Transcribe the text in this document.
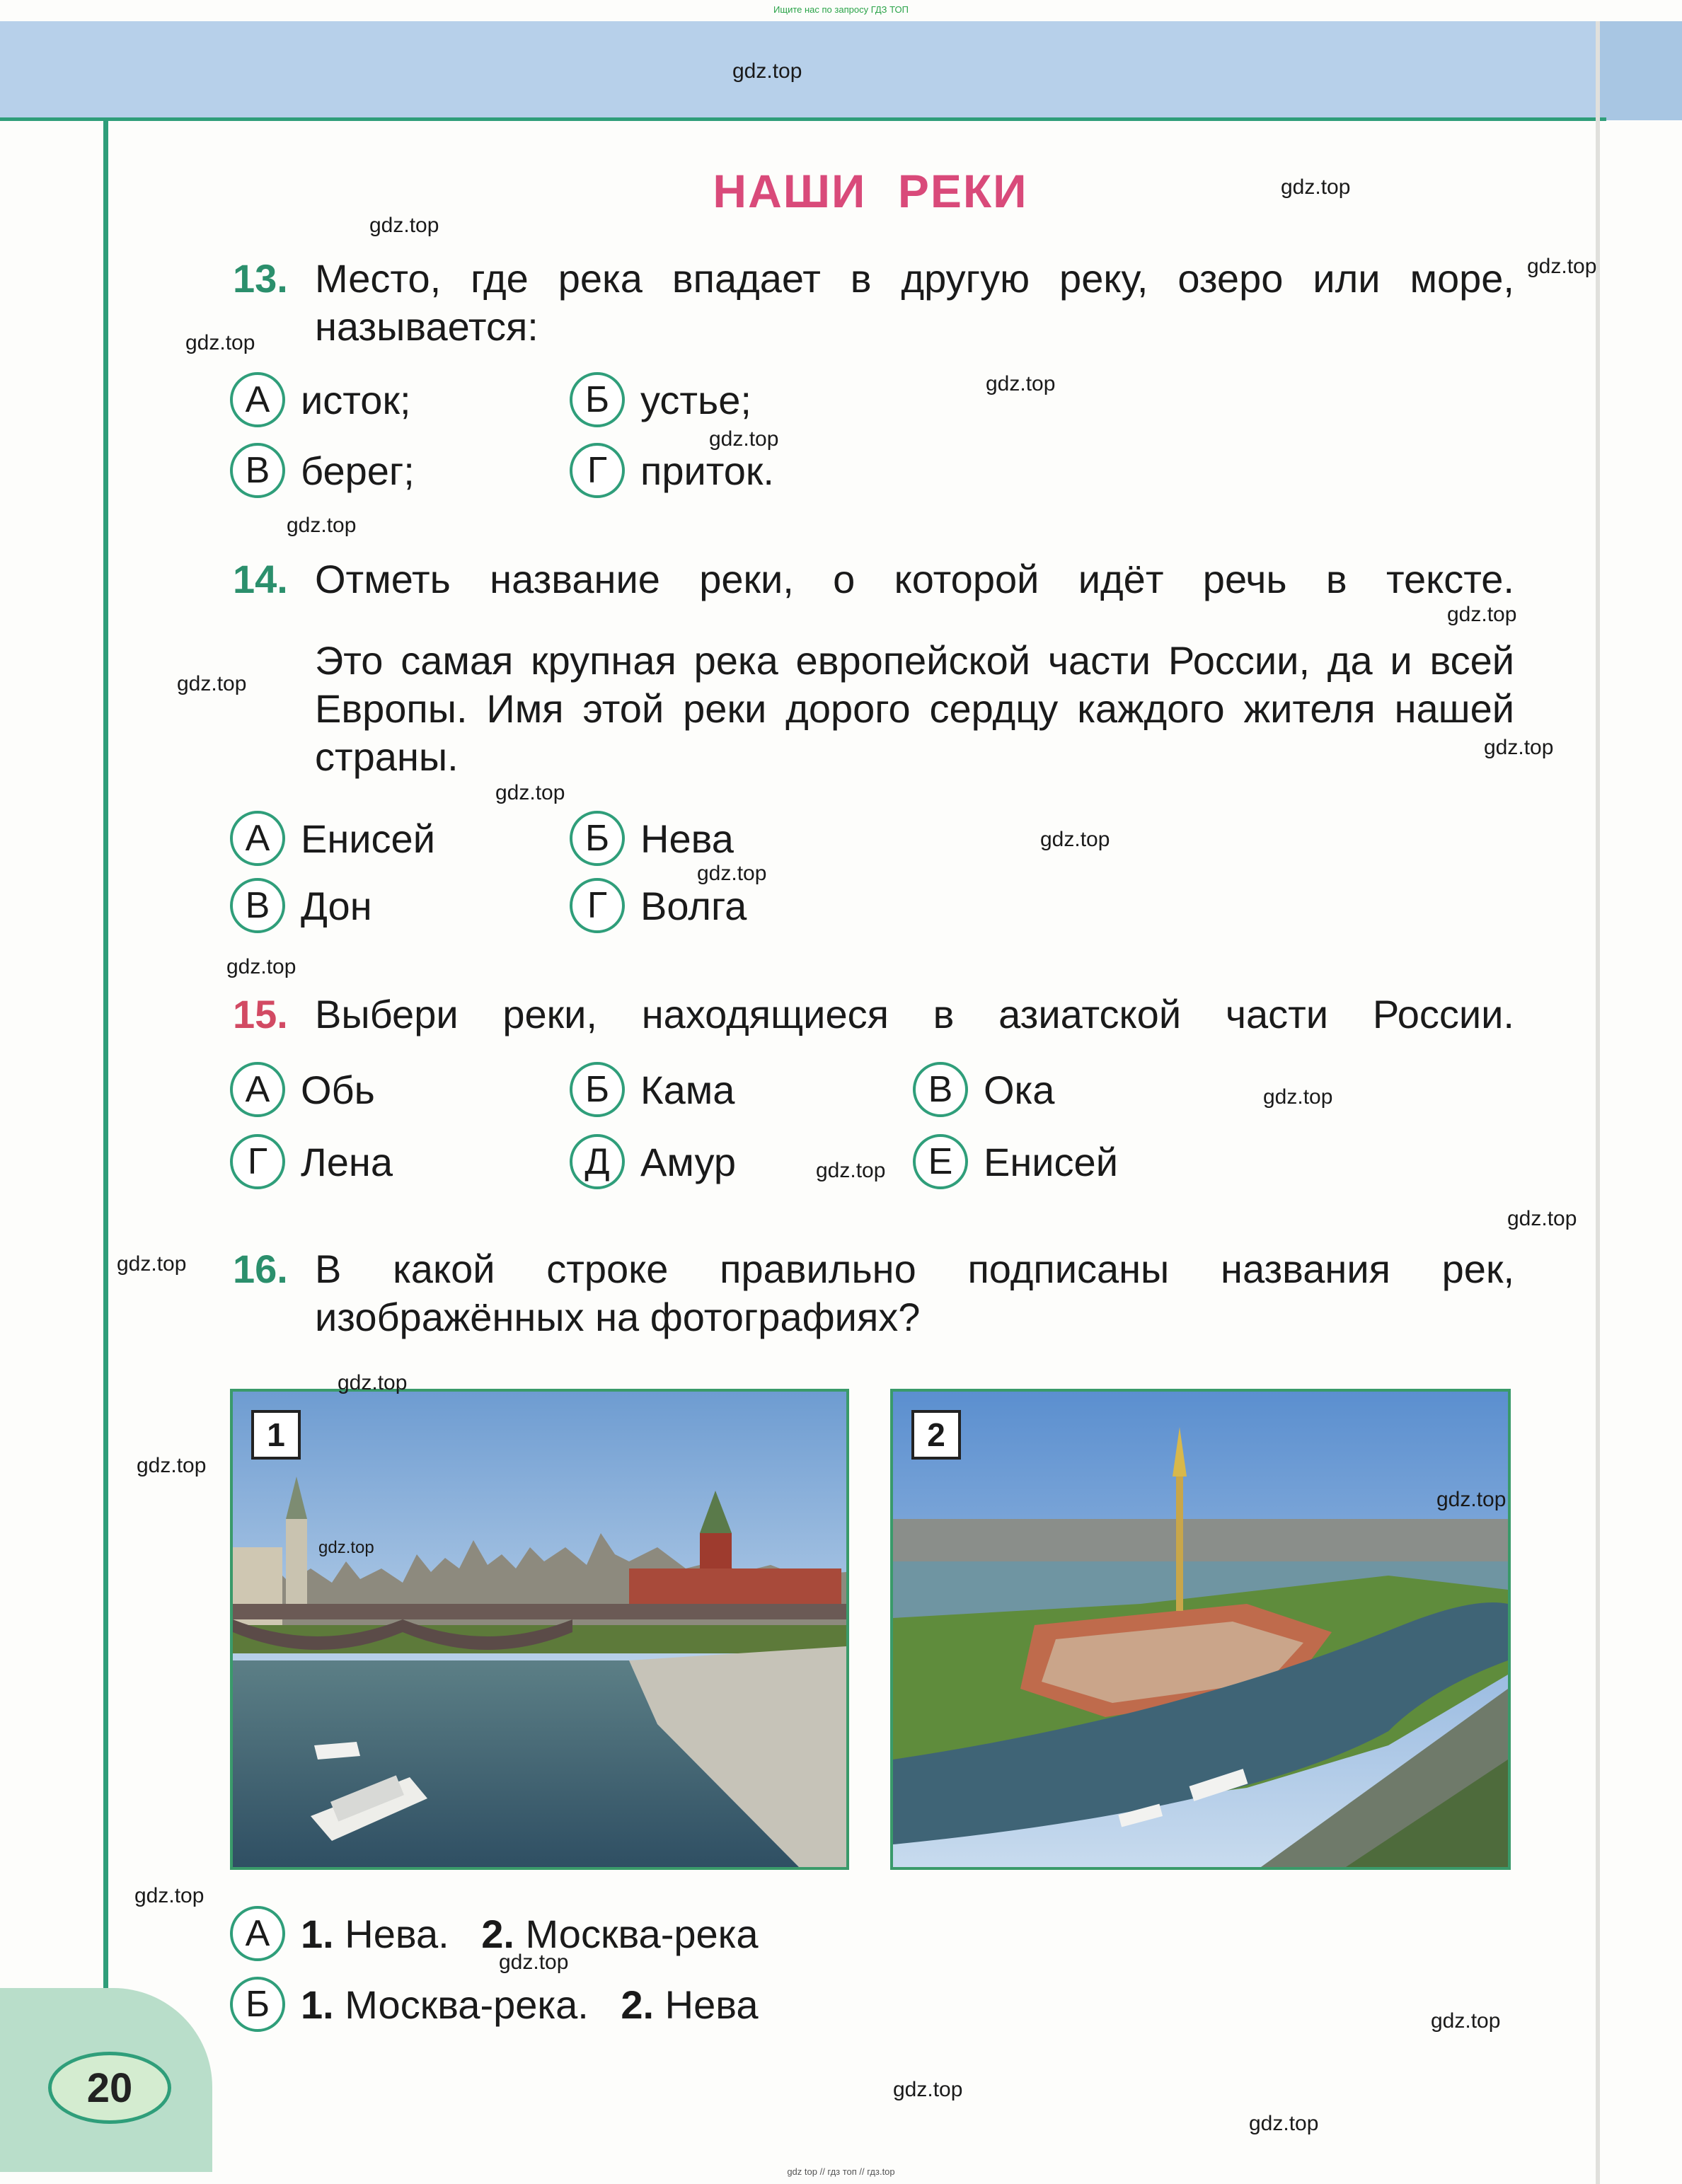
20
Ищите нас по запросу ГДЗ ТОП
gdz top // гдз топ // гдз.top
НАШИ РЕКИ
13. Место, где река впадает в другую реку, озеро или море, называется:
А исток;	Б устье;
В берег;	Г приток.
14. Отметь название реки, о которой идёт речь в тексте.
Это самая крупная река европейской части России, да и всей Европы. Имя этой реки дорого сердцу каждого жителя нашей страны.
А Енисей	Б Нева
В Дон	Г Волга
15. Выбери реки, находящиеся в азиатской части России.
А Обь	Б Кама	В Ока
Г Лена	Д Амур	Е Енисей
16. В какой строке правильно подписаны названия рек, изображённых на фотографиях?
1	2
А 1. Нева. 2. Москва-река
Б 1. Москва-река. 2. Нева
gdz.top
gdz.top
gdz.top
gdz.top
gdz.top
gdz.top
gdz.top
gdz.top
gdz.top
gdz.top
gdz.top
gdz.top
gdz.top
gdz.top
gdz.top
gdz.top
gdz.top
gdz.top
gdz.top
gdz.top
gdz.top
gdz.top
gdz.top
gdz.top
gdz.top
gdz.top
gdz.top
gdz.top
